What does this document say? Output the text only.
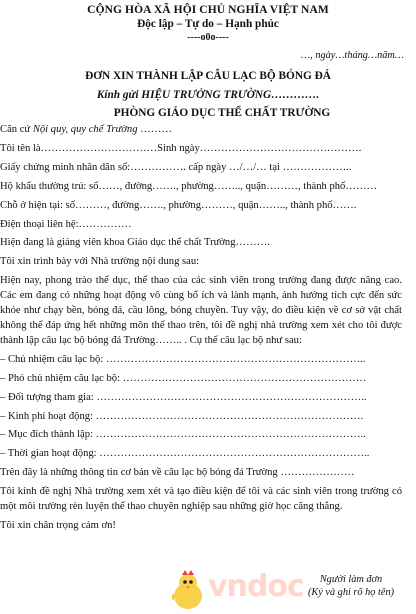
CỘNG HÒA XÃ HỘI CHỦ NGHĨA VIỆT NAM
Độc lập – Tự do – Hạnh phúc
----o0o----
…, ngày…tháng…năm…
ĐƠN XIN THÀNH LẬP CÂU LẠC BỘ BÓNG ĐÁ
Kính gửi HIỆU TRƯỞNG TRƯỜNG………….
PHÒNG GIÁO DỤC THỂ CHẤT TRƯỜNG

Căn cứ Nội quy, quy chế Trường ………

Tôi tên là……………………………Sinh ngày……………………………………….

Giấy chứng minh nhân dân số:……………. cấp ngày …/…/… tại ………………..

Hộ khẩu thường trú: số……, đường……., phường…….., quận………, thành phố………

Chỗ ở hiện tại: số………, đường……., phường………, quận…….., thành phố…….

Điện thoại liên hệ:……………

Hiện đang là giảng viên khoa Giáo dục thể chất Trường……….

Tôi xin trình bày với Nhà trường nội dung sau:

Hiện nay, phong trào thể dục, thể thao của các sinh viên trong trường đang được nâng cao. Các em đang có những hoạt động vô cùng bổ ích và lành mạnh, ảnh hưởng tích cực đến sức khỏe như chạy bền, bóng đá, cầu lông, bóng chuyền. Tuy vậy, do điều kiện về cơ sở vật chất không thể đáp ứng hết những môn thể thao trên, tôi đề nghị nhà trường xem xét cho tôi được thành lập câu lạc bộ bóng đá Trường…….. . Cụ thể câu lạc bộ như sau:

– Chủ nhiệm câu lạc bộ: ………………………………………………………………..

– Phó chủ nhiệm câu lạc bộ: ……………………………………………………………

– Đối tượng tham gia: …………………………………………………………………..

– Kinh phí hoạt động: ………………………………………………………………….

– Mục đích thành lập: …………………………………………………………………..

– Thời gian hoạt động: …………………………………………………………………..

Trên đây là những thông tin cơ bản về câu lạc bộ bóng đá Trường …………………

Tôi kính đề nghị Nhà trường xem xét và tạo điều kiện để tôi và các sinh viên trong trường có một môi trường rèn luyện thể thao chuyên nghiệp sau những giờ học căng thẳng.

Tôi xin chân trọng cảm ơn!

vndoc	Người làm đơn
(Ký và ghi rõ họ tên)
